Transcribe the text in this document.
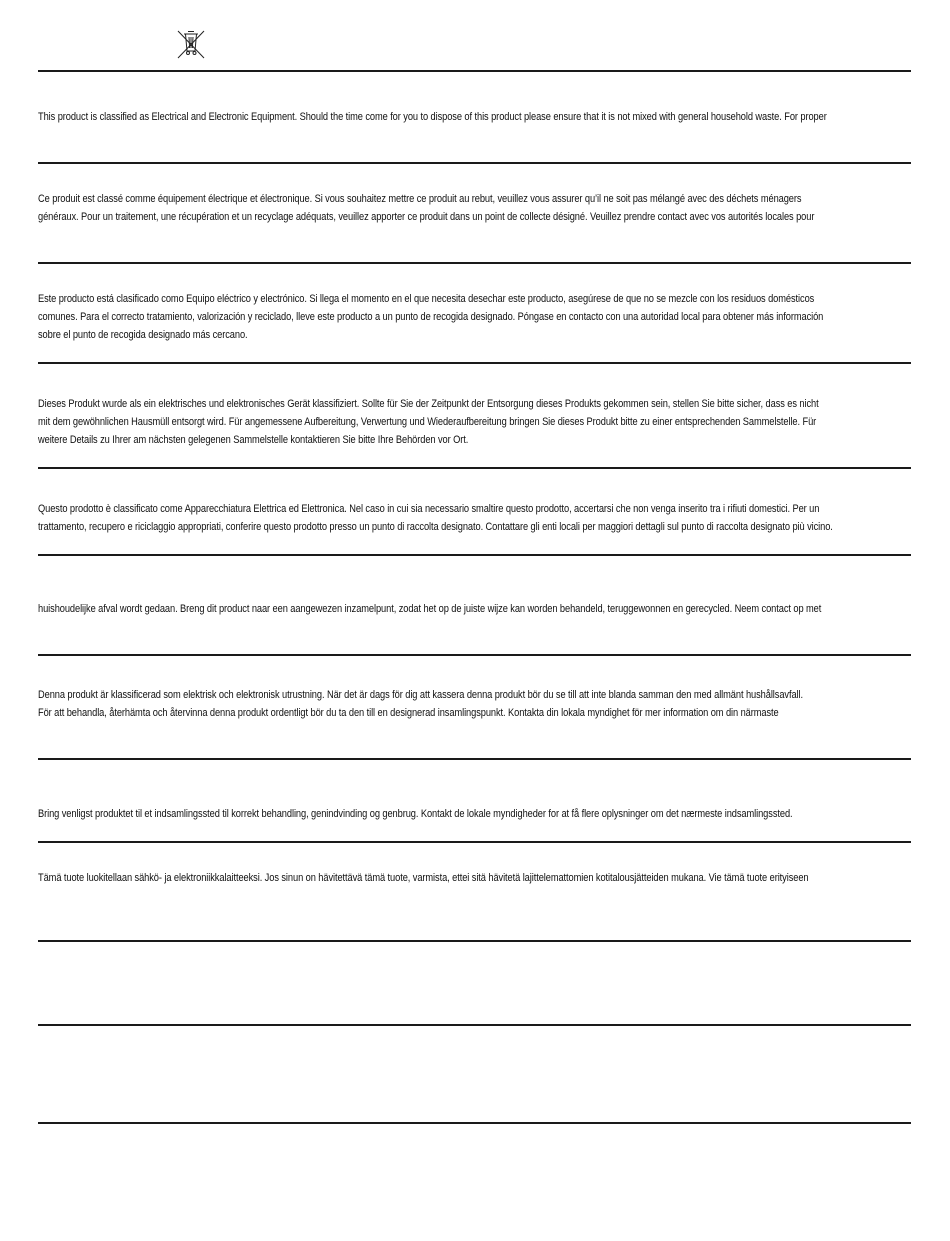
This product is classified as Electrical and Electronic Equipment. Should the time come for you to dispose of this product please ensure that it is not mixed with general household waste. For proper

Ce produit est classé comme équipement électrique et électronique. Si vous souhaitez mettre ce produit au rebut, veuillez vous assurer qu’il ne soit pas mélangé avec des déchets ménagers
généraux. Pour un traitement, une récupération et un recyclage adéquats, veuillez apporter ce produit dans un point de collecte désigné. Veuillez prendre contact avec vos autorités locales pour

Este producto está clasificado como Equipo eléctrico y electrónico. Si llega el momento en el que necesita desechar este producto, asegúrese de que no se mezcle con los residuos domésticos
comunes. Para el correcto tratamiento, valorización y reciclado, lleve este producto a un punto de recogida designado. Póngase en contacto con una autoridad local para obtener más información
sobre el punto de recogida designado más cercano.

Dieses Produkt wurde als ein elektrisches und elektronisches Gerät klassifiziert. Sollte für Sie der Zeitpunkt der Entsorgung dieses Produkts gekommen sein, stellen Sie bitte sicher, dass es nicht
mit dem gewöhnlichen Hausmüll entsorgt wird. Für angemessene Aufbereitung, Verwertung und Wiederaufbereitung bringen Sie dieses Produkt bitte zu einer entsprechenden Sammelstelle. Für
weitere Details zu Ihrer am nächsten gelegenen Sammelstelle kontaktieren Sie bitte Ihre Behörden vor Ort.

Questo prodotto è classificato come Apparecchiatura Elettrica ed Elettronica. Nel caso in cui sia necessario smaltire questo prodotto, accertarsi che non venga inserito tra i rifiuti domestici. Per un
trattamento, recupero e riciclaggio appropriati, conferire questo prodotto presso un punto di raccolta designato. Contattare gli enti locali per maggiori dettagli sul punto di raccolta designato più vicino.

huishoudelijke afval wordt gedaan. Breng dit product naar een aangewezen inzamelpunt, zodat het op de juiste wijze kan worden behandeld, teruggewonnen en gerecycled. Neem contact op met

Denna produkt är klassificerad som elektrisk och elektronisk utrustning. När det är dags för dig att kassera denna produkt bör du se till att inte blanda samman den med allmänt hushållsavfall.
För att behandla, återhämta och återvinna denna produkt ordentligt bör du ta den till en designerad insamlingspunkt. Kontakta din lokala myndighet för mer information om din närmaste

Bring venligst produktet til et indsamlingssted til korrekt behandling, genindvinding og genbrug. Kontakt de lokale myndigheder for at få flere oplysninger om det nærmeste indsamlingssted.

Tämä tuote luokitellaan sähkö- ja elektroniikkalaitteeksi. Jos sinun on hävitettävä tämä tuote, varmista, ettei sitä hävitetä lajittelemattomien kotitalousjätteiden mukana. Vie tämä tuote erityiseen
